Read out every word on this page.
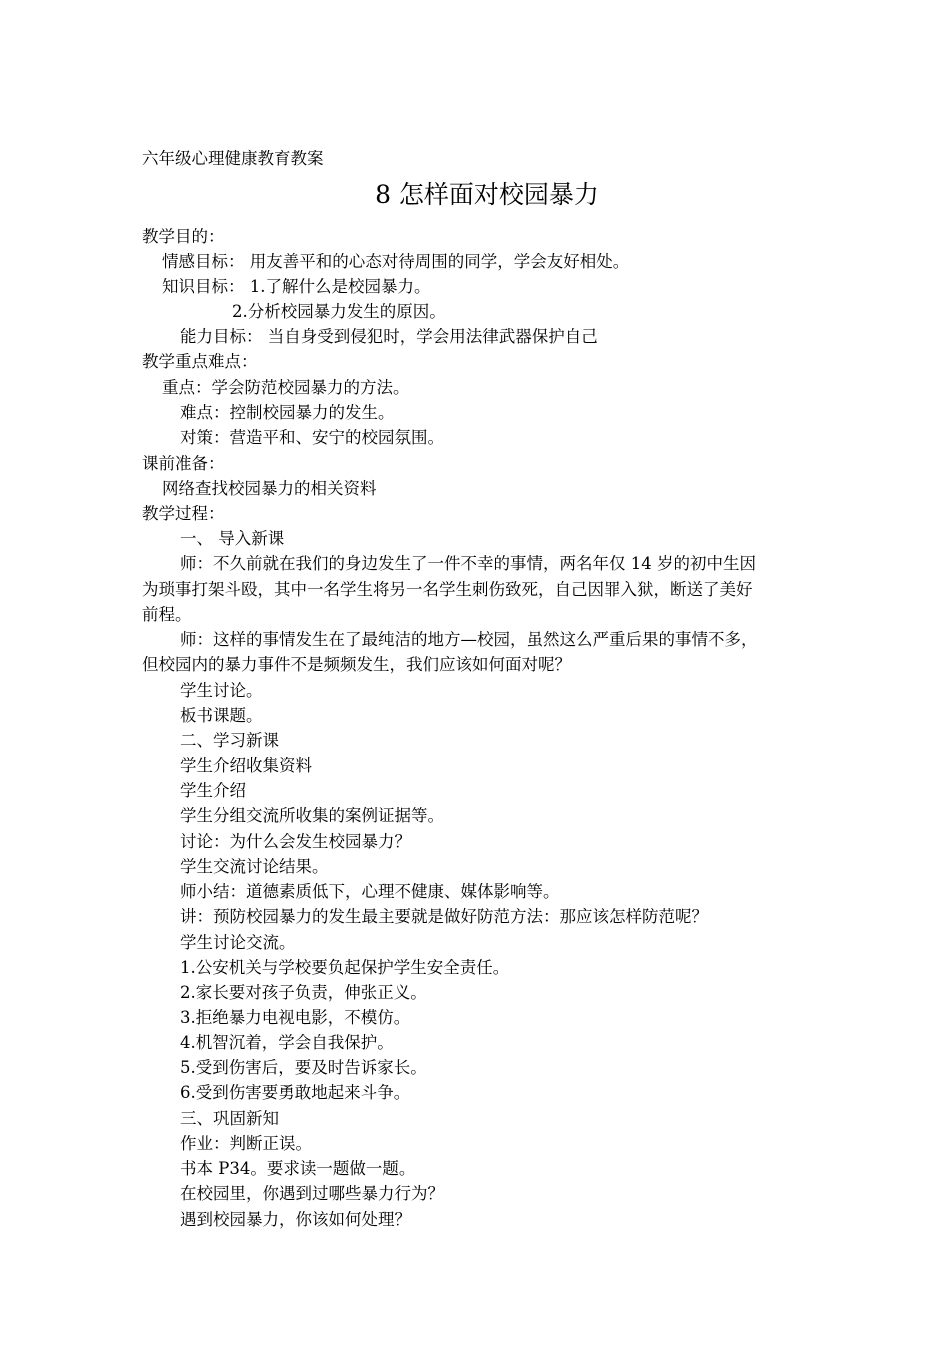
六年级心理健康教育教案
8 怎样面对校园暴力
教学目的：
情感目标： 用友善平和的心态对待周围的同学，学会友好相处。
知识目标： 1.了解什么是校园暴力。
2.分析校园暴力发生的原因。
能力目标： 当自身受到侵犯时，学会用法律武器保护自己
教学重点难点：
重点：学会防范校园暴力的方法。
难点：控制校园暴力的发生。
对策：营造平和、安宁的校园氛围。
课前准备：
网络查找校园暴力的相关资料
教学过程：
一、 导入新课
师：不久前就在我们的身边发生了一件不幸的事情，两名年仅 14 岁的初中生因
为琐事打架斗殴，其中一名学生将另一名学生刺伤致死，自己因罪入狱，断送了美好
前程。
师：这样的事情发生在了最纯洁的地方—校园，虽然这么严重后果的事情不多，
但校园内的暴力事件不是频频发生，我们应该如何面对呢？
学生讨论。
板书课题。
二、学习新课
学生介绍收集资料
学生介绍
学生分组交流所收集的案例证据等。
讨论：为什么会发生校园暴力？
学生交流讨论结果。
师小结：道德素质低下，心理不健康、媒体影响等。
讲：预防校园暴力的发生最主要就是做好防范方法：那应该怎样防范呢？
学生讨论交流。
1.公安机关与学校要负起保护学生安全责任。
2.家长要对孩子负责，伸张正义。
3.拒绝暴力电视电影，不模仿。
4.机智沉着，学会自我保护。
5.受到伤害后，要及时告诉家长。
6.受到伤害要勇敢地起来斗争。
三、巩固新知
作业：判断正误。
书本 P34。要求读一题做一题。
在校园里，你遇到过哪些暴力行为？
遇到校园暴力，你该如何处理？
